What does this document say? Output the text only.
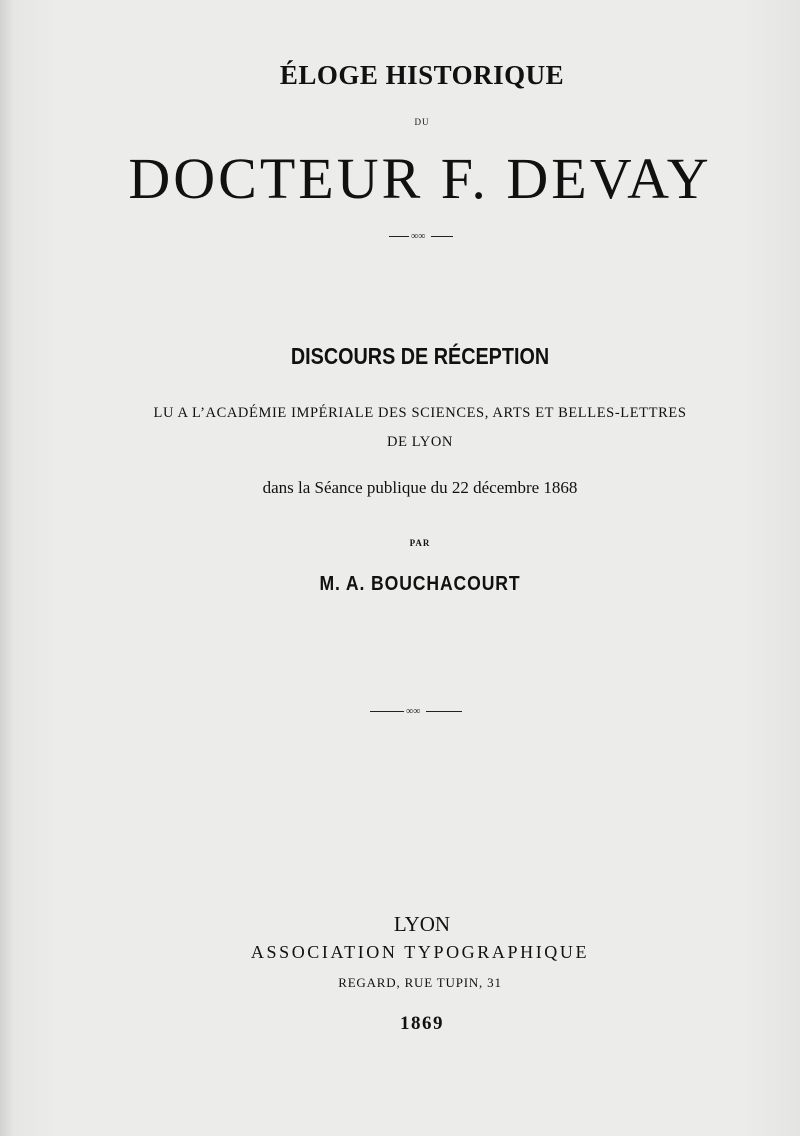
ÉLOGE HISTORIQUE
DU
DOCTEUR F. DEVAY
∞∞
DISCOURS DE RÉCEPTION
LU A L’ACADÉMIE IMPÉRIALE DES SCIENCES, ARTS ET BELLES-LETTRES
DE LYON
dans la Séance publique du 22 décembre 1868
PAR
M. A. BOUCHACOURT
∞∞
LYON
ASSOCIATION TYPOGRAPHIQUE
REGARD, RUE TUPIN, 31
1869
